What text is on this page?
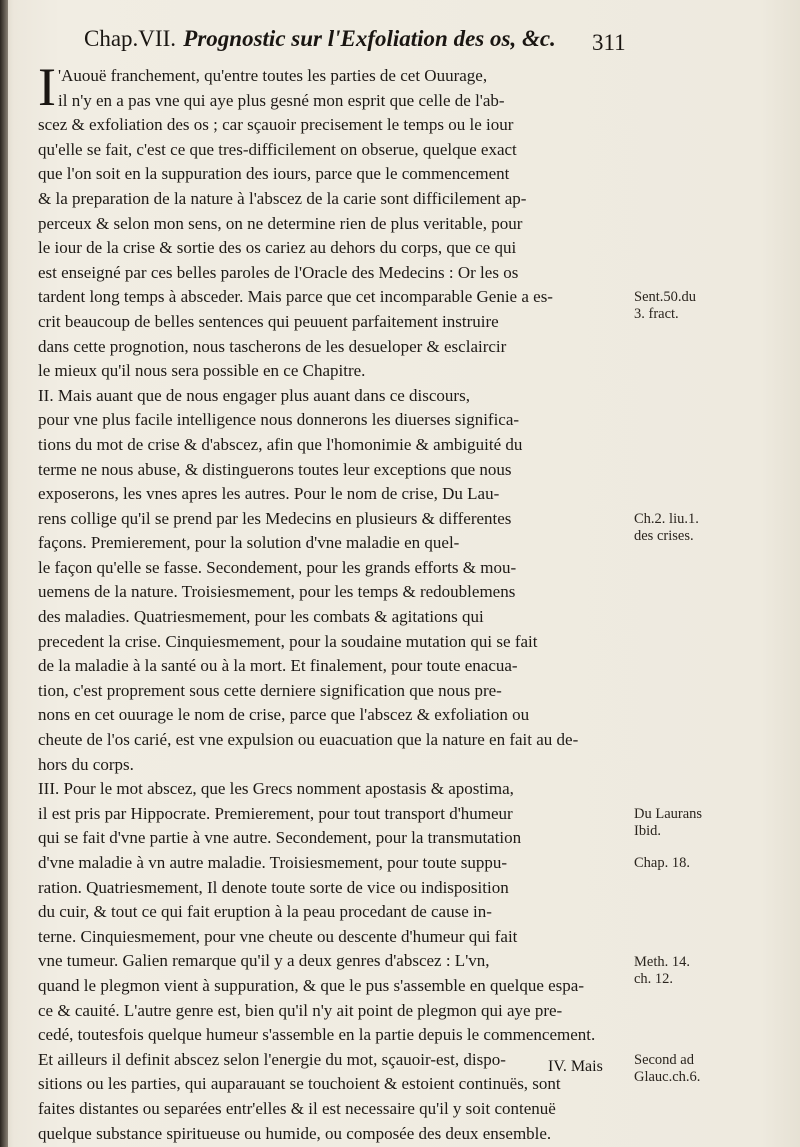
Chap.VII. Prognostic sur l'Exfoliation des os, &c.	311
I 'Auouë franchement, qu'entre toutes les parties de cet Ouurage,
il n'y en a pas vne qui aye plus gesné mon esprit que celle de l'ab-
scez & exfoliation des os ; car sçauoir precisement le temps ou le iour
qu'elle se fait, c'est ce que tres-difficilement on obserue, quelque exact
que l'on soit en la suppuration des iours, parce que le commencement
& la preparation de la nature à l'abscez de la carie sont difficilement ap-
perceux & selon mon sens, on ne determine rien de plus veritable, pour
le iour de la crise & sortie des os cariez au dehors du corps, que ce qui
est enseigné par ces belles paroles de l'Oracle des Medecins : Or les os
tardent long temps à absceder. Mais parce que cet incomparable Genie a es-
crit beaucoup de belles sentences qui peuuent parfaitement instruire
dans cette prognotion, nous tascherons de les desueloper & esclaircir
le mieux qu'il nous sera possible en ce Chapitre.
II. Mais auant que de nous engager plus auant dans ce discours,
pour vne plus facile intelligence nous donnerons les diuerses significa-
tions du mot de crise & d'abscez, afin que l'homonimie & ambiguité du
terme ne nous abuse, & distinguerons toutes leur exceptions que nous
exposerons, les vnes apres les autres. Pour le nom de crise, Du Lau-
rens collige qu'il se prend par les Medecins en plusieurs & differentes
façons. Premierement, pour la solution d'vne maladie en quel-
le façon qu'elle se fasse. Secondement, pour les grands efforts & mou-
uemens de la nature. Troisiesmement, pour les temps & redoublemens
des maladies. Quatriesmement, pour les combats & agitations qui
precedent la crise. Cinquiesmement, pour la soudaine mutation qui se fait
de la maladie à la santé ou à la mort. Et finalement, pour toute enacua-
tion, c'est proprement sous cette derniere signification que nous pre-
nons en cet ouurage le nom de crise, parce que l'abscez & exfoliation ou
cheute de l'os carié, est vne expulsion ou euacuation que la nature en fait au de-
hors du corps.
III. Pour le mot abscez, que les Grecs nomment apostasis & apostima,
il est pris par Hippocrate. Premierement, pour tout transport d'humeur
qui se fait d'vne partie à vne autre. Secondement, pour la transmutation
d'vne maladie à vn autre maladie. Troisiesmement, pour toute suppu-
ration. Quatriesmement, Il denote toute sorte de vice ou indisposition
du cuir, & tout ce qui fait eruption à la peau procedant de cause in-
terne. Cinquiesmement, pour vne cheute ou descente d'humeur qui fait
vne tumeur. Galien remarque qu'il y a deux genres d'abscez : L'vn,
quand le plegmon vient à suppuration, & que le pus s'assemble en quelque espa-
ce & cauité. L'autre genre est, bien qu'il n'y ait point de plegmon qui aye pre-
cedé, toutesfois quelque humeur s'assemble en la partie depuis le commencement.
Et ailleurs il definit abscez selon l'energie du mot, sçauoir-est, dispo-
sitions ou les parties, qui auparauant se touchoient & estoient continuës, sont
faites distantes ou separées entr'elles & il est necessaire qu'il y soit contenuë
quelque substance spiritueuse ou humide, ou composée des deux ensemble.
Sent.50.du
3. fract.
Ch.2. liu.1.
des crises.
Du Laurans
Ibid.
Chap. 18.
Meth. 14.
ch. 12.
Second ad
Glauc.ch.6.
IV. Mais
